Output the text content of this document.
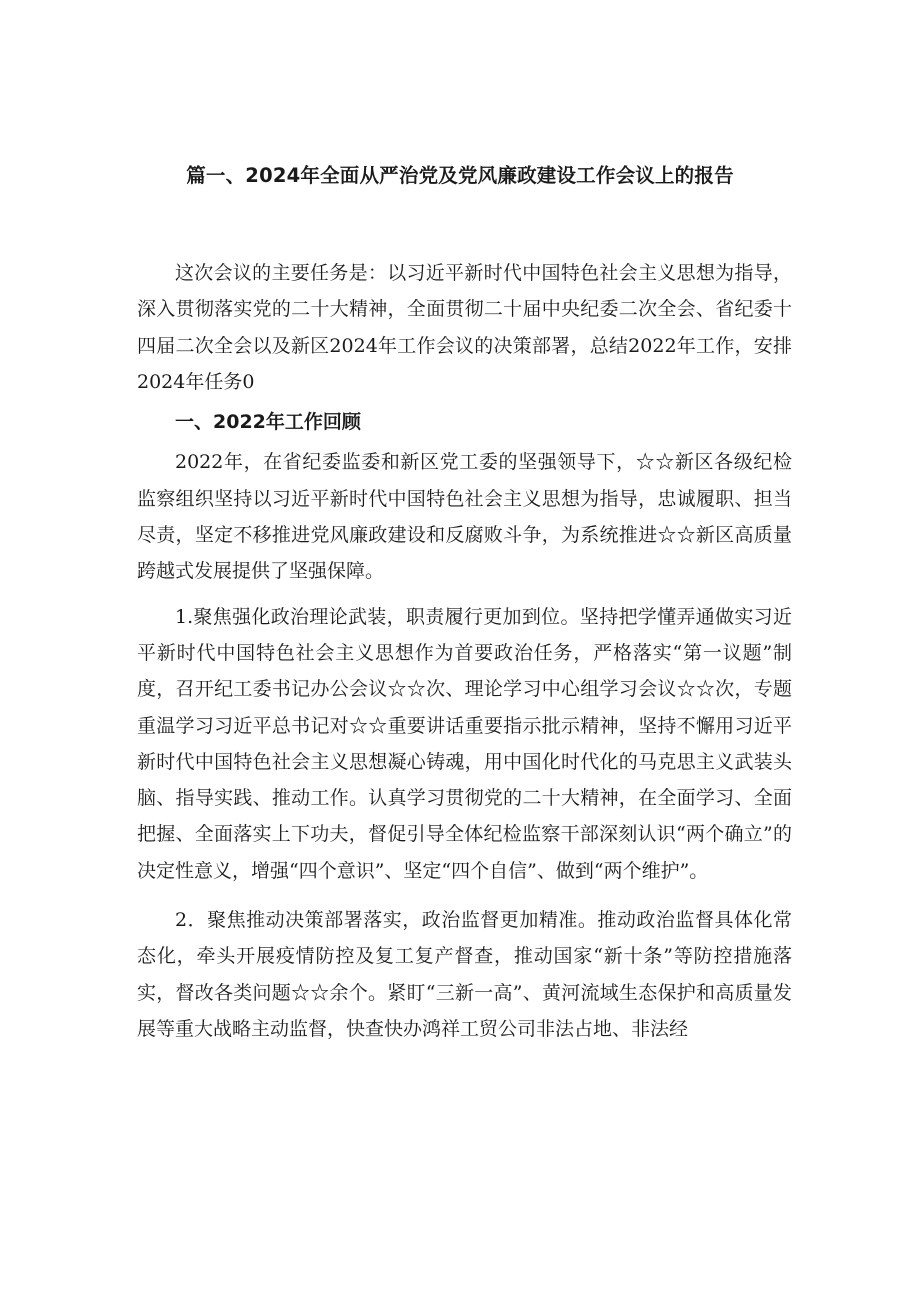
篇一、2024年全面从严治党及党风廉政建设工作会议上的报告

这次会议的主要任务是：以习近平新时代中国特色社会主义思想为指导，深入贯彻落实党的二十大精神，全面贯彻二十届中央纪委二次全会、省纪委十四届二次全会以及新区2024年工作会议的决策部署，总结2022年工作，安排2024年任务0

一、2022年工作回顾

2022年，在省纪委监委和新区党工委的坚强领导下，☆☆新区各级纪检监察组织坚持以习近平新时代中国特色社会主义思想为指导，忠诚履职、担当尽责，坚定不移推进党风廉政建设和反腐败斗争，为系统推进☆☆新区高质量跨越式发展提供了坚强保障。

1.聚焦强化政治理论武装，职责履行更加到位。坚持把学懂弄通做实习近平新时代中国特色社会主义思想作为首要政治任务，严格落实“第一议题”制度，召开纪工委书记办公会议☆☆次、理论学习中心组学习会议☆☆次，专题重温学习习近平总书记对☆☆重要讲话重要指示批示精神，坚持不懈用习近平新时代中国特色社会主义思想凝心铸魂，用中国化时代化的马克思主义武装头脑、指导实践、推动工作。认真学习贯彻党的二十大精神，在全面学习、全面把握、全面落实上下功夫，督促引导全体纪检监察干部深刻认识“两个确立”的决定性意义，增强“四个意识”、坚定“四个自信”、做到“两个维护”。

2．聚焦推动决策部署落实，政治监督更加精准。推动政治监督具体化常态化，牵头开展疫情防控及复工复产督查，推动国家“新十条”等防控措施落实，督改各类问题☆☆余个。紧盯“三新一高”、黄河流域生态保护和高质量发展等重大战略主动监督，快查快办鸿祥工贸公司非法占地、非法经
